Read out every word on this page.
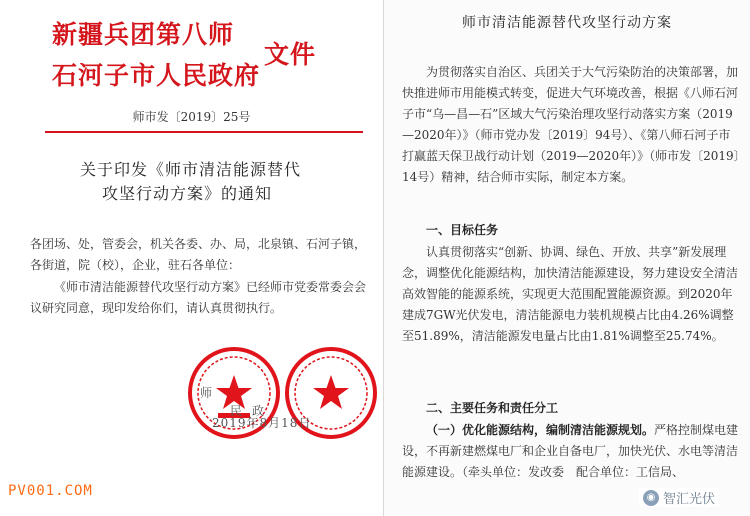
新疆兵团第八师
石河子市人民政府
文件
师市发〔2019〕25号
关于印发《师市清洁能源替代
攻坚行动方案》的通知
各团场、处，管委会，机关各委、办、局，北泉镇、石河子镇，各街道，院（校），企业，驻石各单位：
《师市清洁能源替代攻坚行动方案》已经师市党委常委会会议研究同意，现印发给你们，请认真贯彻执行。
师
民政
2019年8月18日
PV001.COM
师市清洁能源替代攻坚行动方案
为贯彻落实自治区、兵团关于大气污染防治的决策部署，加快推进师市用能模式转变，促进大气环境改善，根据《八师石河子市“乌—昌—石”区域大气污染治理攻坚行动落实方案（2019—2020年）》（师市党办发〔2019〕94号）、《第八师石河子市打赢蓝天保卫战行动计划（2019—2020年）》（师市发〔2019〕14号）精神，结合师市实际，制定本方案。
一、目标任务
认真贯彻落实“创新、协调、绿色、开放、共享”新发展理念，调整优化能源结构，加快清洁能源建设，努力建设安全清洁高效智能的能源系统，实现更大范围配置能源资源。到2020年建成7GW光伏发电，清洁能源电力装机规模占比由4.26%调整至51.89%，清洁能源发电量占比由1.81%调整至25.74%。
二、主要任务和责任分工
（一）优化能源结构，编制清洁能源规划。严格控制煤电建设，不再新建燃煤电厂和企业自备电厂，加快光伏、水电等清洁能源建设。（牵头单位：发改委　配合单位：工信局、
◉ 智汇光伏
